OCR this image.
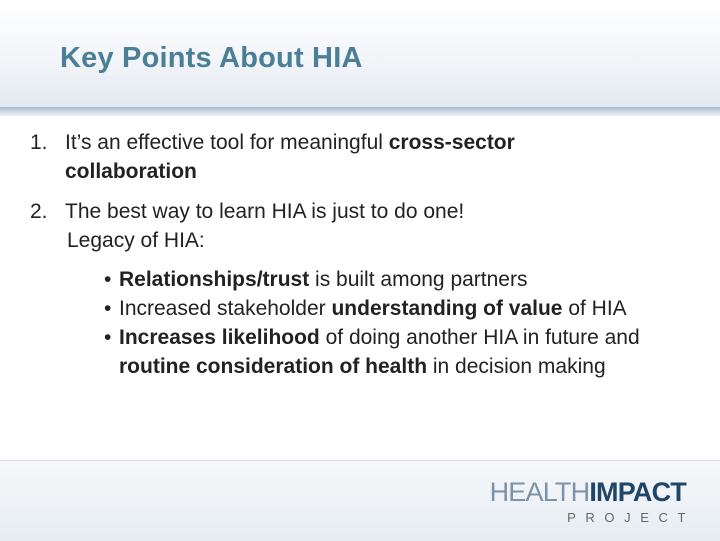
Key Points About HIA
1. It’s an effective tool for meaningful cross-sector collaboration
2. The best way to learn HIA is just to do one!
Legacy of HIA:
• Relationships/trust is built among partners
• Increased stakeholder understanding of value of HIA
• Increases likelihood of doing another HIA in future and routine consideration of health in decision making
HEALTHIMPACT
PROJECT
